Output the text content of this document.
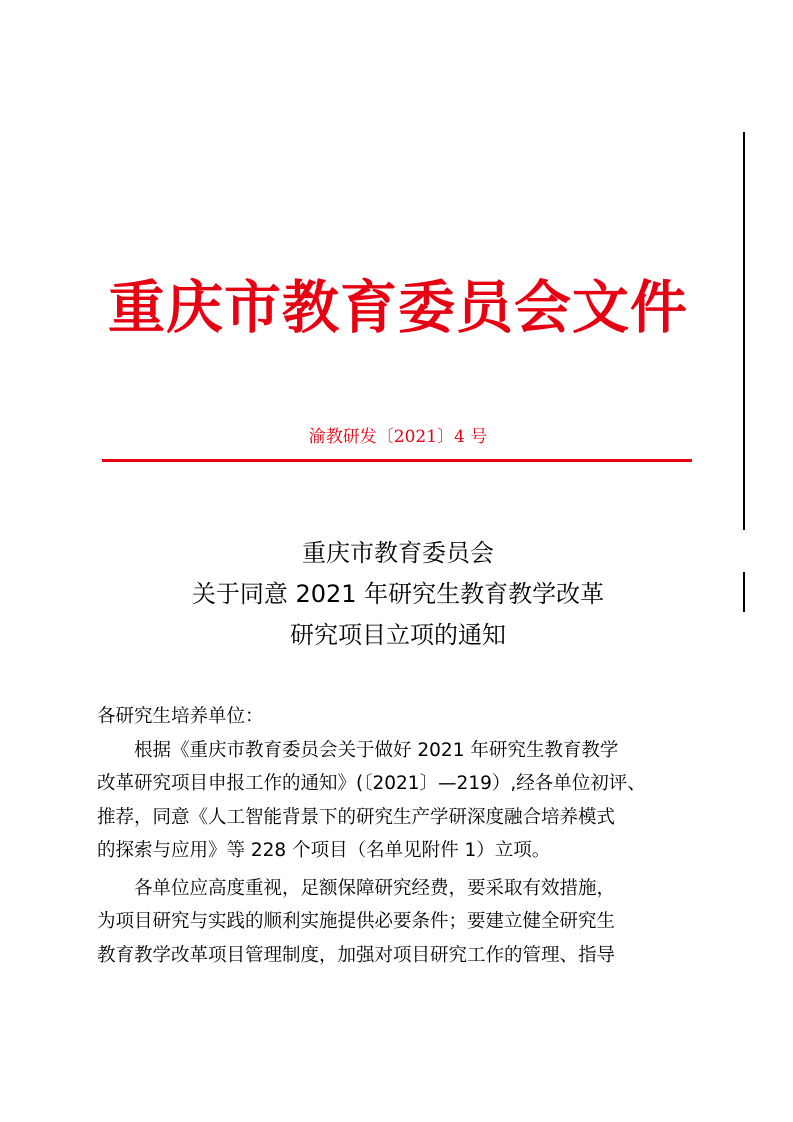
重庆市教育委员会文件
渝教研发〔2021〕4 号
重庆市教育委员会
关于同意 2021 年研究生教育教学改革
研究项目立项的通知
各研究生培养单位：
根据《重庆市教育委员会关于做好 2021 年研究生教育教学
改革研究项目申报工作的通知》(〔2021〕—219）,经各单位初评、
推荐，同意《人工智能背景下的研究生产学研深度融合培养模式
的探索与应用》等 228 个项目（名单见附件 1）立项。
各单位应高度重视，足额保障研究经费，要采取有效措施，
为项目研究与实践的顺利实施提供必要条件；要建立健全研究生
教育教学改革项目管理制度，加强对项目研究工作的管理、指导
